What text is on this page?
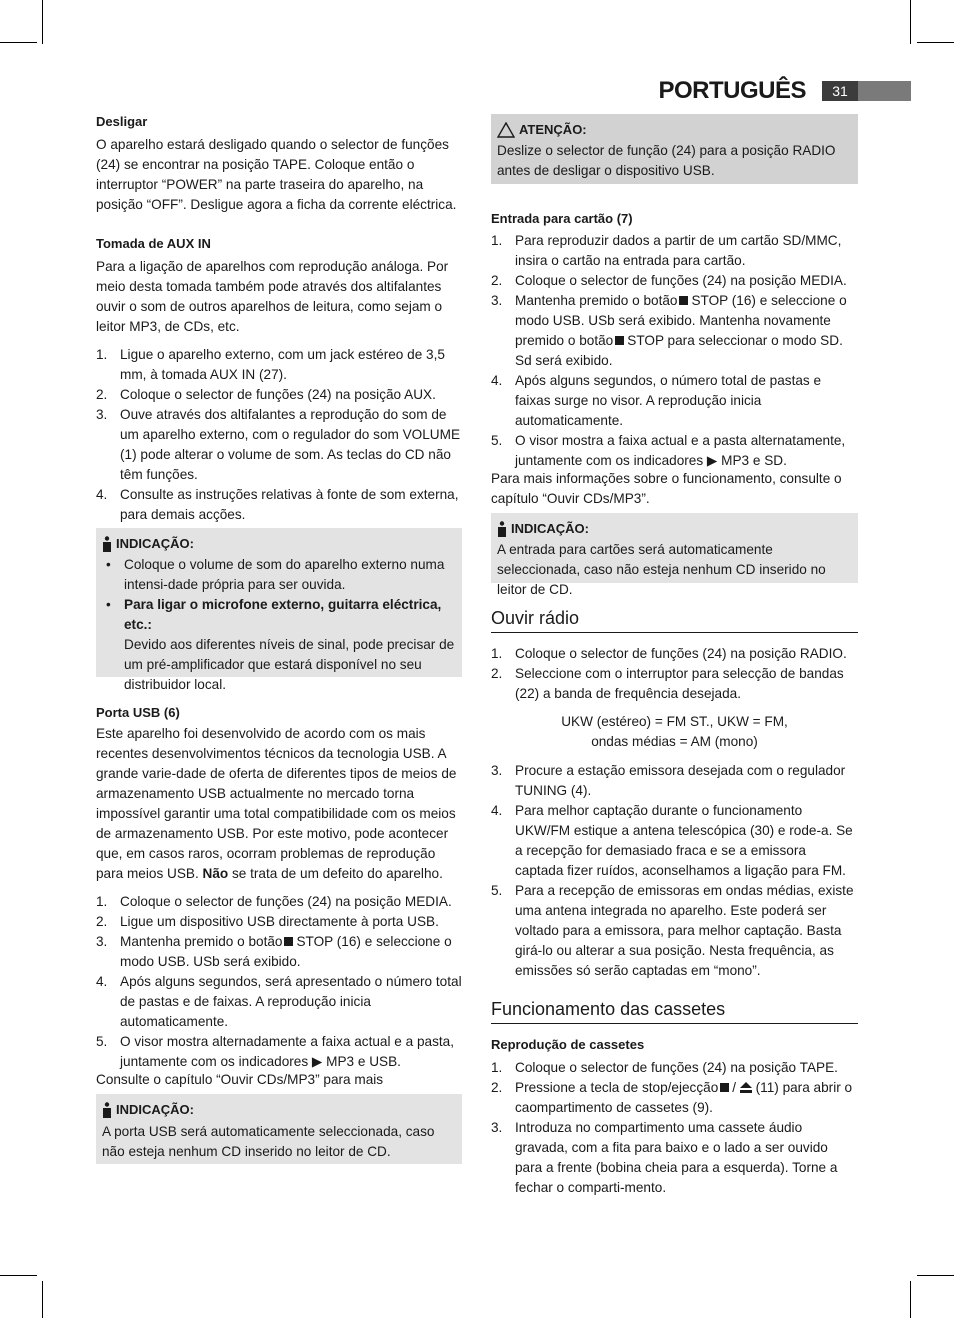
PORTUGUÊS	31
Desligar

O aparelho estará desligado quando o selector de funções (24) se encontrar na posição TAPE. Coloque então o interruptor “POWER” na parte traseira do aparelho, na posição “OFF”. Desligue agora a ficha da corrente eléctrica.

Tomada de AUX IN

Para a ligação de aparelhos com reprodução análoga. Por meio desta tomada também pode através dos altifalantes ouvir o som de outros aparelhos de leitura, como sejam o leitor MP3, de CDs, etc.

1. Ligue o aparelho externo, com um jack estéreo de 3,5 mm, à tomada AUX IN (27).
2. Coloque o selector de funções (24) na posição AUX.
3. Ouve através dos altifalantes a reprodução do som de um aparelho externo, com o regulador do som VOLUME (1) pode alterar o volume de som. As teclas do CD não têm funções.
4. Consulte as instruções relativas à fonte de som externa, para demais acções.
INDICAÇÃO:
• Coloque o volume de som do aparelho externo numa intensi-dade própria para ser ouvida.
• Para ligar o microfone externo, guitarra eléctrica, etc.:
Devido aos diferentes níveis de sinal, pode precisar de um pré-amplificador que estará disponível no seu distribuidor local.
Porta USB (6)

Este aparelho foi desenvolvido de acordo com os mais recentes desenvolvimentos técnicos da tecnologia USB. A grande varie-dade de oferta de diferentes tipos de meios de armazenamento USB actualmente no mercado torna impossível garantir uma total compatibilidade com os meios de armazenamento USB. Por este motivo, pode acontecer que, em casos raros, ocorram problemas de reprodução para meios USB. Não se trata de um defeito do aparelho.

1. Coloque o selector de funções (24) na posição MEDIA.
2. Ligue um dispositivo USB directamente à porta USB.
3. Mantenha premido o botão STOP (16) e seleccione o modo USB. USb será exibido.
4. Após alguns segundos, será apresentado o número total de pastas e de faixas. A reprodução inicia automaticamente.
5. O visor mostra alternadamente a faixa actual e a pasta,
juntamente com os indicadores ▶ MP3 e USB.

Consulte o capítulo “Ouvir CDs/MP3” para mais

INDICAÇÃO:

A porta USB será automaticamente seleccionada, caso não esteja nenhum CD inserido no leitor de CD.

ATENÇÃO:

Deslize o selector de função (24) para a posição RADIO antes de desligar o dispositivo USB.

Entrada para cartão (7)
1. Para reproduzir dados a partir de um cartão SD/MMC, insira o cartão na entrada para cartão.
2. Coloque o selector de funções (24) na posição MEDIA.
3. Mantenha premido o botão STOP (16) e seleccione o modo USB. USb será exibido. Mantenha novamente premido o botão STOP para seleccionar o modo SD. Sd será exibido.
4. Após alguns segundos, o número total de pastas e faixas surge no visor. A reprodução inicia automaticamente.
5. O visor mostra a faixa actual e a pasta alternatamente, juntamente com os indicadores ▶ MP3 e SD.

Para mais informações sobre o funcionamento, consulte o capítulo “Ouvir CDs/MP3”.

INDICAÇÃO:

A entrada para cartões será automaticamente seleccionada, caso não esteja nenhum CD inserido no leitor de CD.

Ouvir rádio
1. Coloque o selector de funções (24) na posição RADIO.
2. Seleccione com o interruptor para selecção de bandas (22) a banda de frequência desejada.
UKW (estéreo) = FM ST., UKW = FM,
ondas médias = AM (mono)
3. Procure a estação emissora desejada com o regulador TUNING (4).
4. Para melhor captação durante o funcionamento UKW/FM estique a antena telescópica (30) e rode-a. Se a recepção for demasiado fraca e se a emissora captada fizer ruídos, aconselhamos a ligação para FM.
5. Para a recepção de emissoras em ondas médias, existe uma antena integrada no aparelho. Este poderá ser voltado para a emissora, para melhor captação. Basta girá-lo ou alterar a sua posição. Nesta frequência, as emissões só serão captadas em “mono”.
Funcionamento das cassetes
Reprodução de cassetes
1. Coloque o selector de funções (24) na posição TAPE.
2. Pressione a tecla de stop/ejecção / (11) para abrir o caompartimento de cassetes (9).
3. Introduza no compartimento uma cassete áudio gravada, com a fita para baixo e o lado a ser ouvido para a frente (bobina cheia para a esquerda). Torne a fechar o comparti-mento.
